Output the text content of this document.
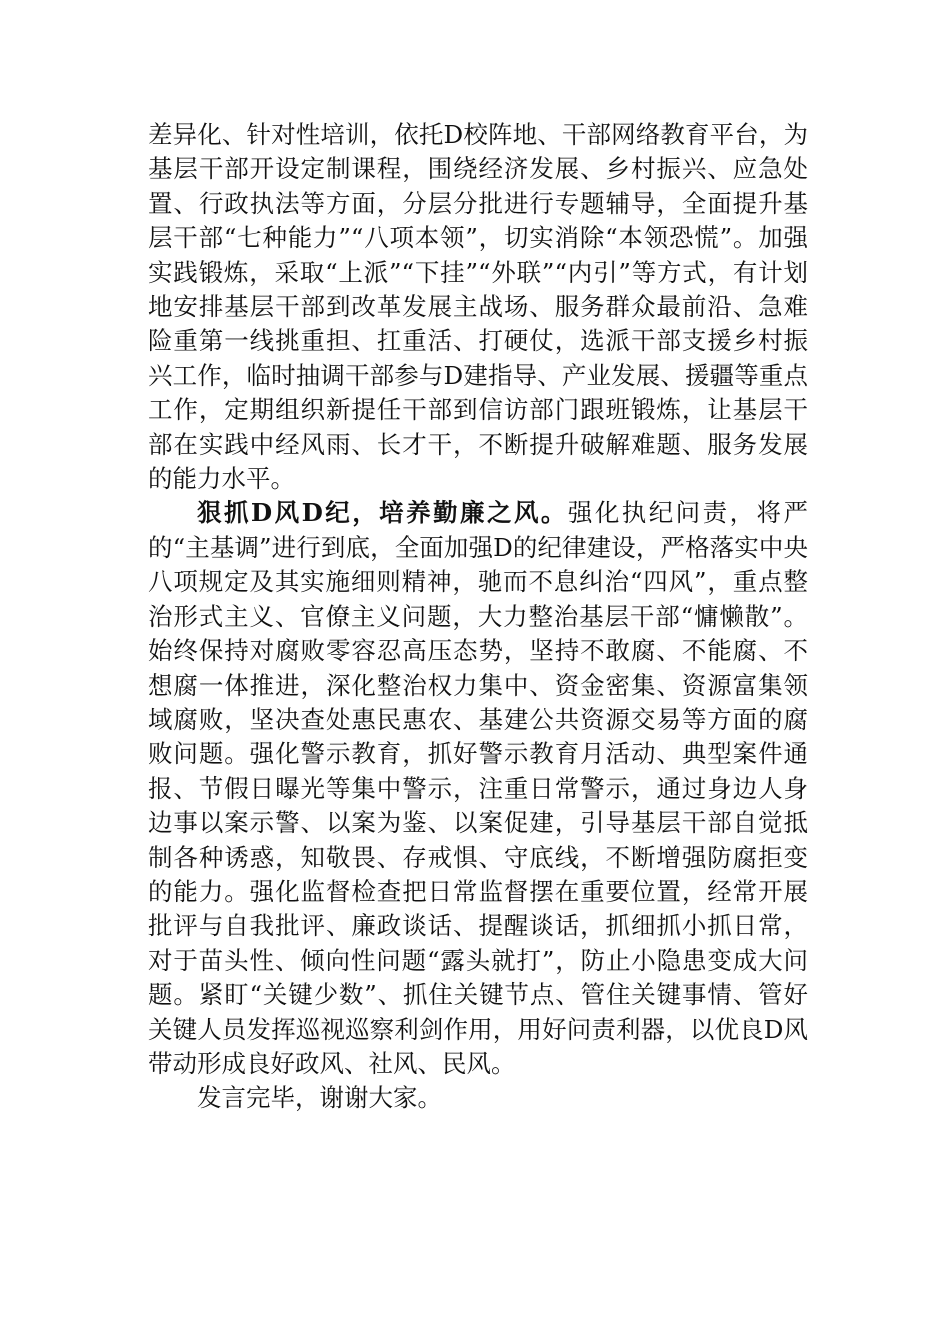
差异化、针对性培训，依托D校阵地、干部网络教育平台，为基层干部开设定制课程，围绕经济发展、乡村振兴、应急处置、行政执法等方面，分层分批进行专题辅导，全面提升基层干部“七种能力”“八项本领”，切实消除“本领恐慌”。加强实践锻炼，采取“上派”“下挂”“外联”“内引”等方式，有计划地安排基层干部到改革发展主战场、服务群众最前沿、急难险重第一线挑重担、扛重活、打硬仗，选派干部支援乡村振兴工作，临时抽调干部参与D建指导、产业发展、援疆等重点工作，定期组织新提任干部到信访部门跟班锻炼，让基层干部在实践中经风雨、长才干，不断提升破解难题、服务发展的能力水平。

狠抓D风D纪，培养勤廉之风。强化执纪问责，将严的“主基调”进行到底，全面加强D的纪律建设，严格落实中央八项规定及其实施细则精神，驰而不息纠治“四风”，重点整治形式主义、官僚主义问题，大力整治基层干部“慵懒散”。始终保持对腐败零容忍高压态势，坚持不敢腐、不能腐、不想腐一体推进，深化整治权力集中、资金密集、资源富集领域腐败，坚决查处惠民惠农、基建公共资源交易等方面的腐败问题。强化警示教育，抓好警示教育月活动、典型案件通报、节假日曝光等集中警示，注重日常警示，通过身边人身边事以案示警、以案为鉴、以案促建，引导基层干部自觉抵制各种诱惑，知敬畏、存戒惧、守底线，不断增强防腐拒变的能力。强化监督检查把日常监督摆在重要位置，经常开展批评与自我批评、廉政谈话、提醒谈话，抓细抓小抓日常，对于苗头性、倾向性问题“露头就打”，防止小隐患变成大问题。紧盯“关键少数”、抓住关键节点、管住关键事情、管好关键人员发挥巡视巡察利剑作用，用好问责利器，以优良D风带动形成良好政风、社风、民风。

发言完毕，谢谢大家。
